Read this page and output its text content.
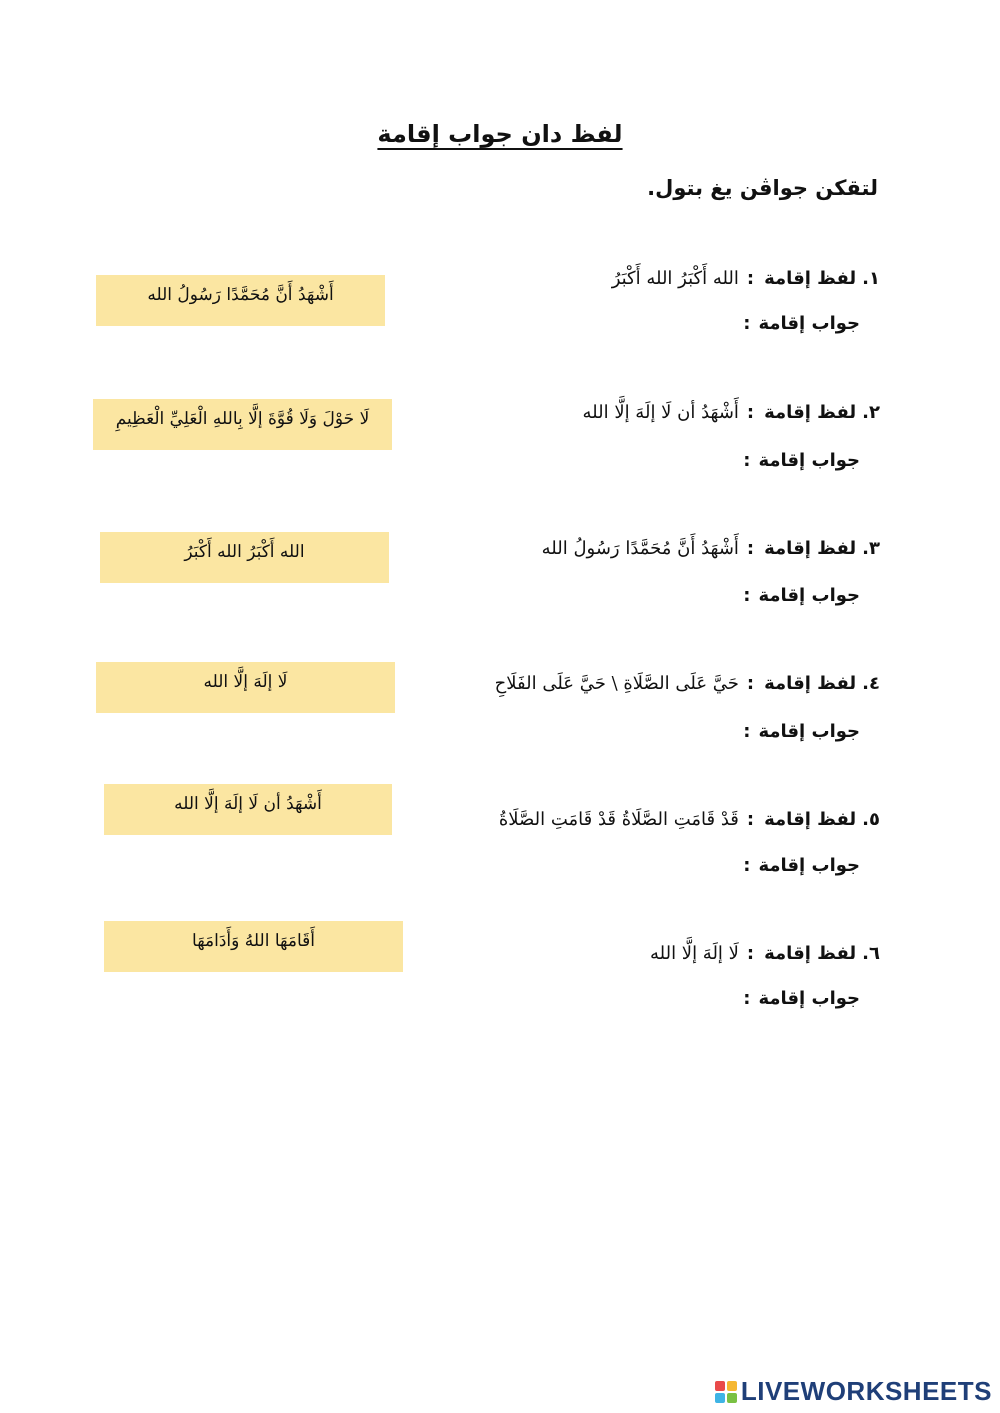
لفظ دان جواب إقامة
لتقكن جواڤن يغ بتول.
١.لفظ إقامة:الله أَكْبَرُ الله أَكْبَرُ
جواب إقامة:
٢.لفظ إقامة:أَشْهَدُ أن لَا إلَهَ إلَّا الله
جواب إقامة:
٣.لفظ إقامة:أَشْهَدُ أَنَّ مُحَمَّدًا رَسُولُ الله
جواب إقامة:
٤.لفظ إقامة:حَيَّ عَلَى الصَّلَاةِ \ حَيَّ عَلَى الفَلَاحِ
جواب إقامة:
٥.لفظ إقامة:قَدْ قَامَتِ الصَّلَاةُ قَدْ قَامَتِ الصَّلَاةُ
جواب إقامة:
٦.لفظ إقامة:لَا إلَهَ إلَّا الله
جواب إقامة:
أَشْهَدُ أَنَّ مُحَمَّدًا رَسُولُ الله
لَا حَوْلَ وَلَا قُوَّةَ إلَّا بِاللهِ الْعَلِيِّ الْعَظِيمِ
الله أَكْبَرُ الله أَكْبَرُ
لَا إلَهَ إلَّا الله
أَشْهَدُ أن لَا إلَهَ إلَّا الله
أَقَامَهَا اللهُ وَأَدَامَهَا
LIVEWORKSHEETS
